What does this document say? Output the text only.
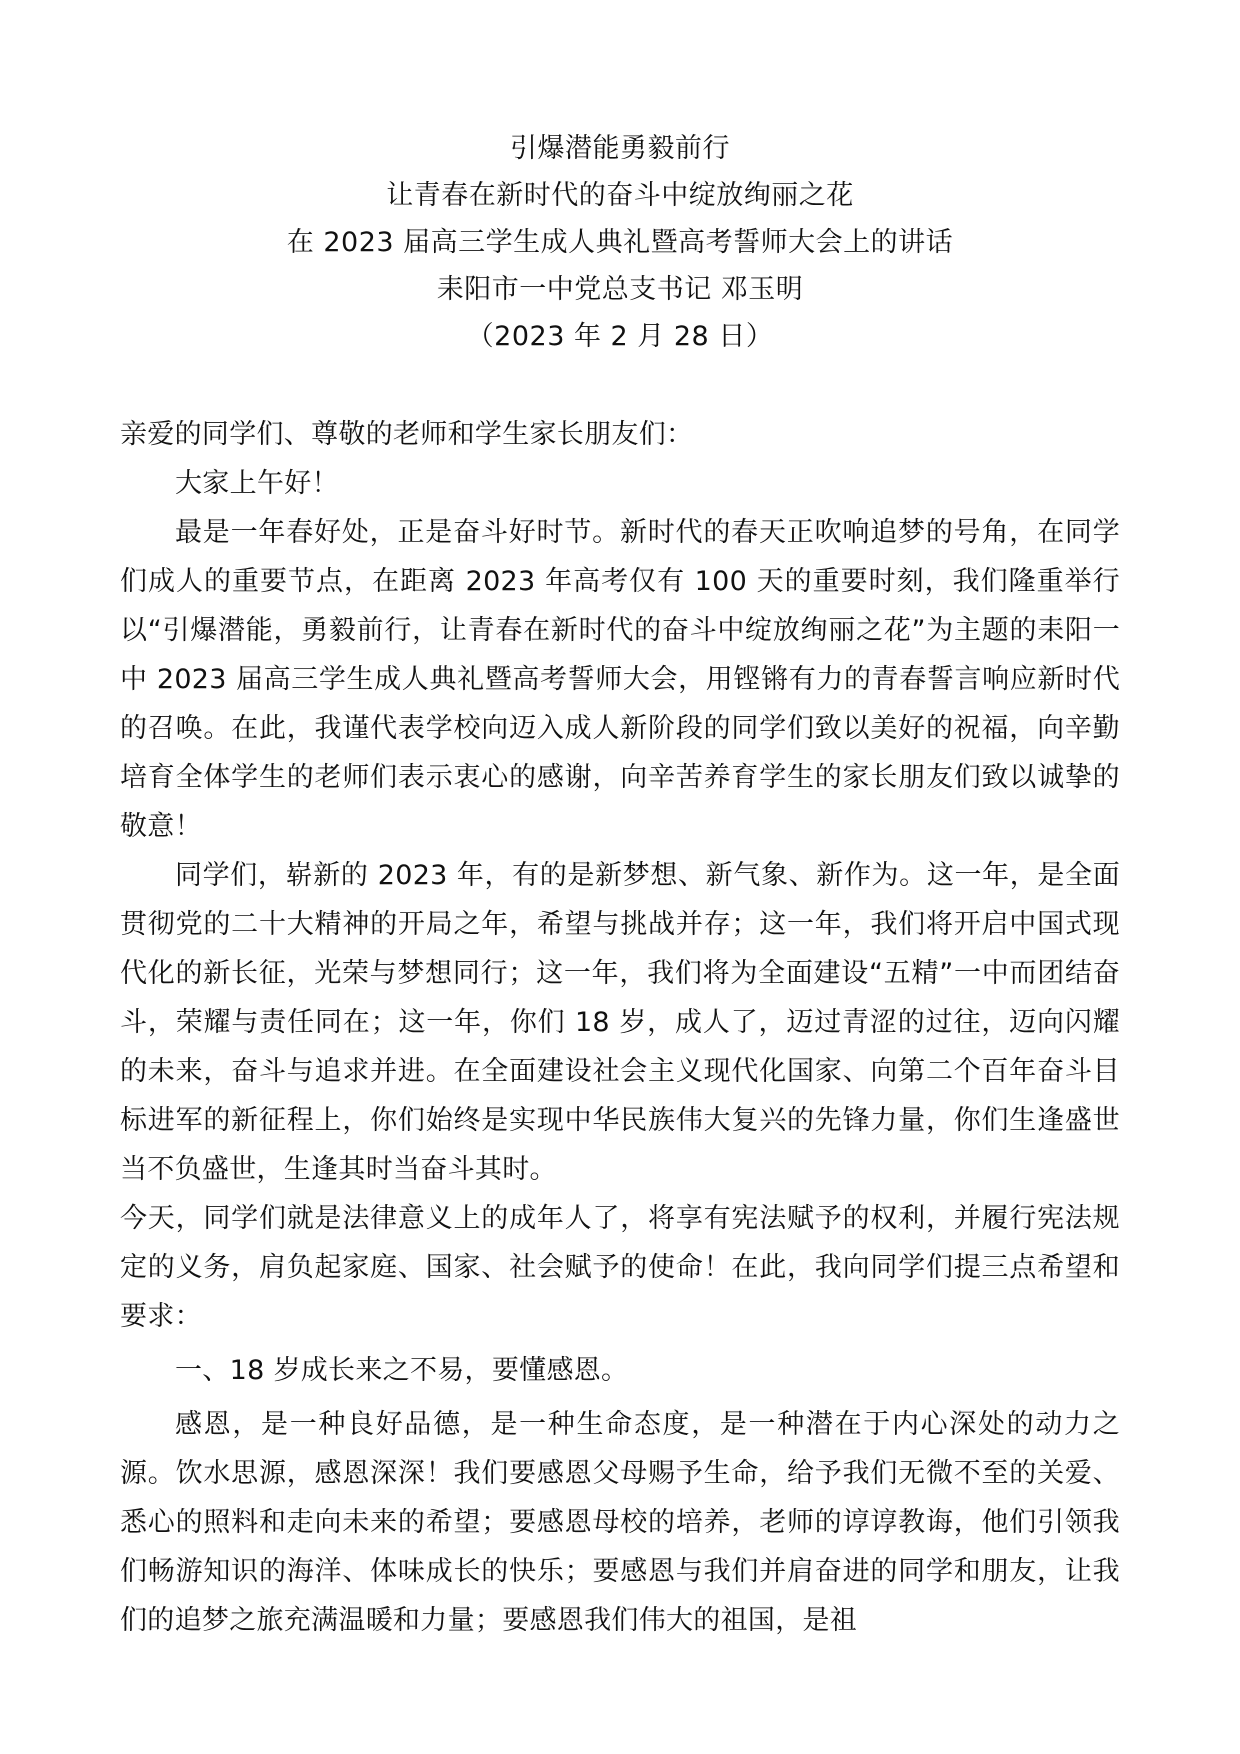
引爆潜能勇毅前行
让青春在新时代的奋斗中绽放绚丽之花
在 2023 届高三学生成人典礼暨高考誓师大会上的讲话
耒阳市一中党总支书记 邓玉明
（2023 年 2 月 28 日）

亲爱的同学们、尊敬的老师和学生家长朋友们：

大家上午好！

最是一年春好处，正是奋斗好时节。新时代的春天正吹响追梦的号角，在同学们成人的重要节点，在距离 2023 年高考仅有 100 天的重要时刻，我们隆重举行以“引爆潜能，勇毅前行，让青春在新时代的奋斗中绽放绚丽之花”为主题的耒阳一中 2023 届高三学生成人典礼暨高考誓师大会，用铿锵有力的青春誓言响应新时代的召唤。在此，我谨代表学校向迈入成人新阶段的同学们致以美好的祝福，向辛勤培育全体学生的老师们表示衷心的感谢，向辛苦养育学生的家长朋友们致以诚挚的敬意！

同学们，崭新的 2023 年，有的是新梦想、新气象、新作为。这一年，是全面贯彻党的二十大精神的开局之年，希望与挑战并存；这一年，我们将开启中国式现代化的新长征，光荣与梦想同行；这一年，我们将为全面建设“五精”一中而团结奋斗，荣耀与责任同在；这一年，你们 18 岁，成人了，迈过青涩的过往，迈向闪耀的未来，奋斗与追求并进。在全面建设社会主义现代化国家、向第二个百年奋斗目标进军的新征程上，你们始终是实现中华民族伟大复兴的先锋力量，你们生逢盛世当不负盛世，生逢其时当奋斗其时。

今天，同学们就是法律意义上的成年人了，将享有宪法赋予的权利，并履行宪法规定的义务，肩负起家庭、国家、社会赋予的使命！在此，我向同学们提三点希望和要求：

一、18 岁成长来之不易，要懂感恩。

感恩，是一种良好品德，是一种生命态度，是一种潜在于内心深处的动力之源。饮水思源，感恩深深！我们要感恩父母赐予生命，给予我们无微不至的关爱、悉心的照料和走向未来的希望；要感恩母校的培养，老师的谆谆教诲，他们引领我们畅游知识的海洋、体味成长的快乐；要感恩与我们并肩奋进的同学和朋友，让我们的追梦之旅充满温暖和力量；要感恩我们伟大的祖国，是祖
